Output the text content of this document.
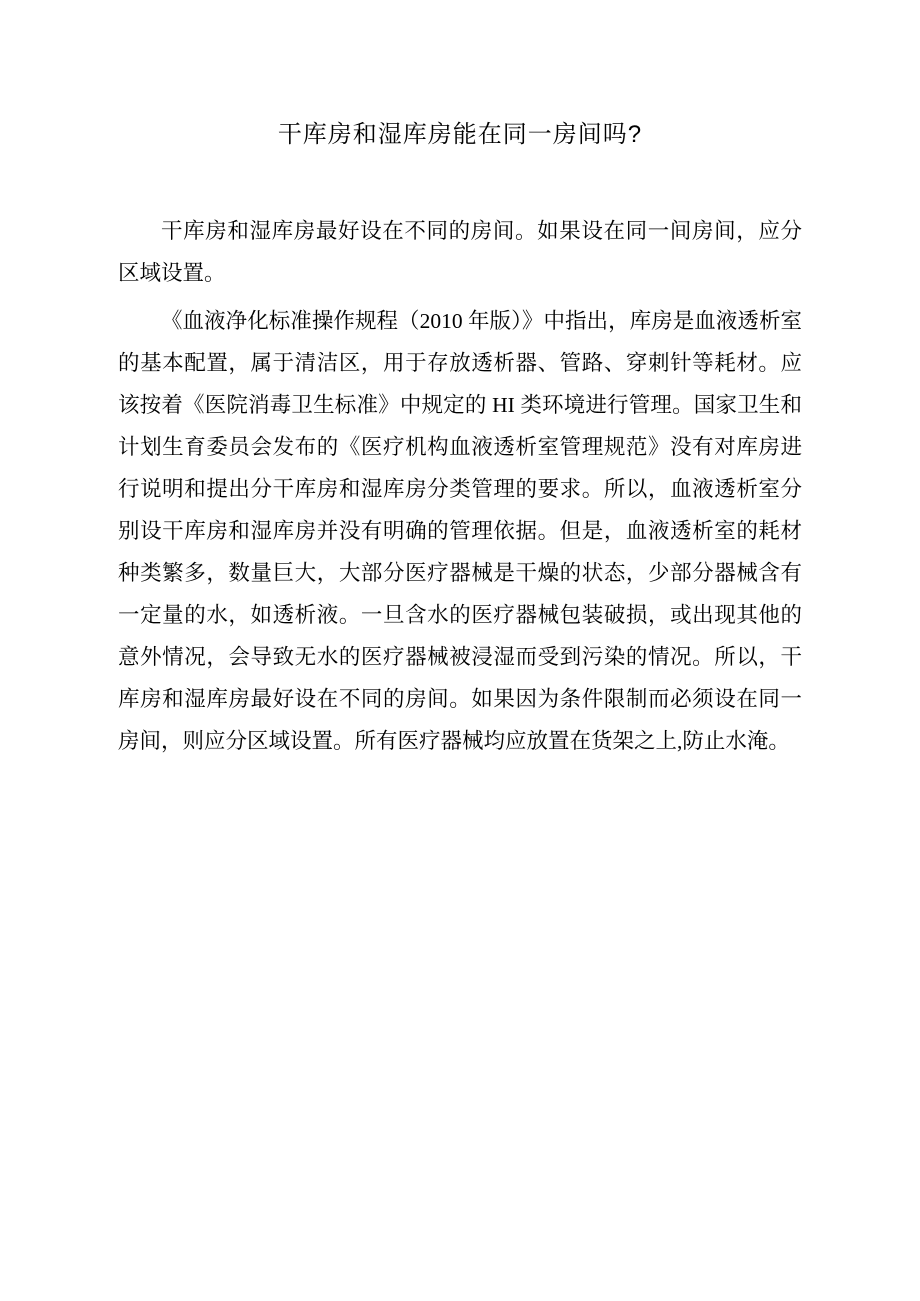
干库房和湿库房能在同一房间吗?

干库房和湿库房最好设在不同的房间。如果设在同一间房间，应分区域设置。

《血液净化标准操作规程（2010 年版）》中指出，库房是血液透析室的基本配置，属于清洁区，用于存放透析器、管路、穿刺针等耗材。应该按着《医院消毒卫生标准》中规定的 HI 类环境进行管理。国家卫生和计划生育委员会发布的《医疗机构血液透析室管理规范》没有对库房进行说明和提出分干库房和湿库房分类管理的要求。所以，血液透析室分别设干库房和湿库房并没有明确的管理依据。但是，血液透析室的耗材种类繁多，数量巨大，大部分医疗器械是干燥的状态，少部分器械含有一定量的水，如透析液。一旦含水的医疗器械包装破损，或出现其他的意外情况，会导致无水的医疗器械被浸湿而受到污染的情况。所以，干库房和湿库房最好设在不同的房间。如果因为条件限制而必须设在同一房间，则应分区域设置。所有医疗器械均应放置在货架之上,防止水淹。
